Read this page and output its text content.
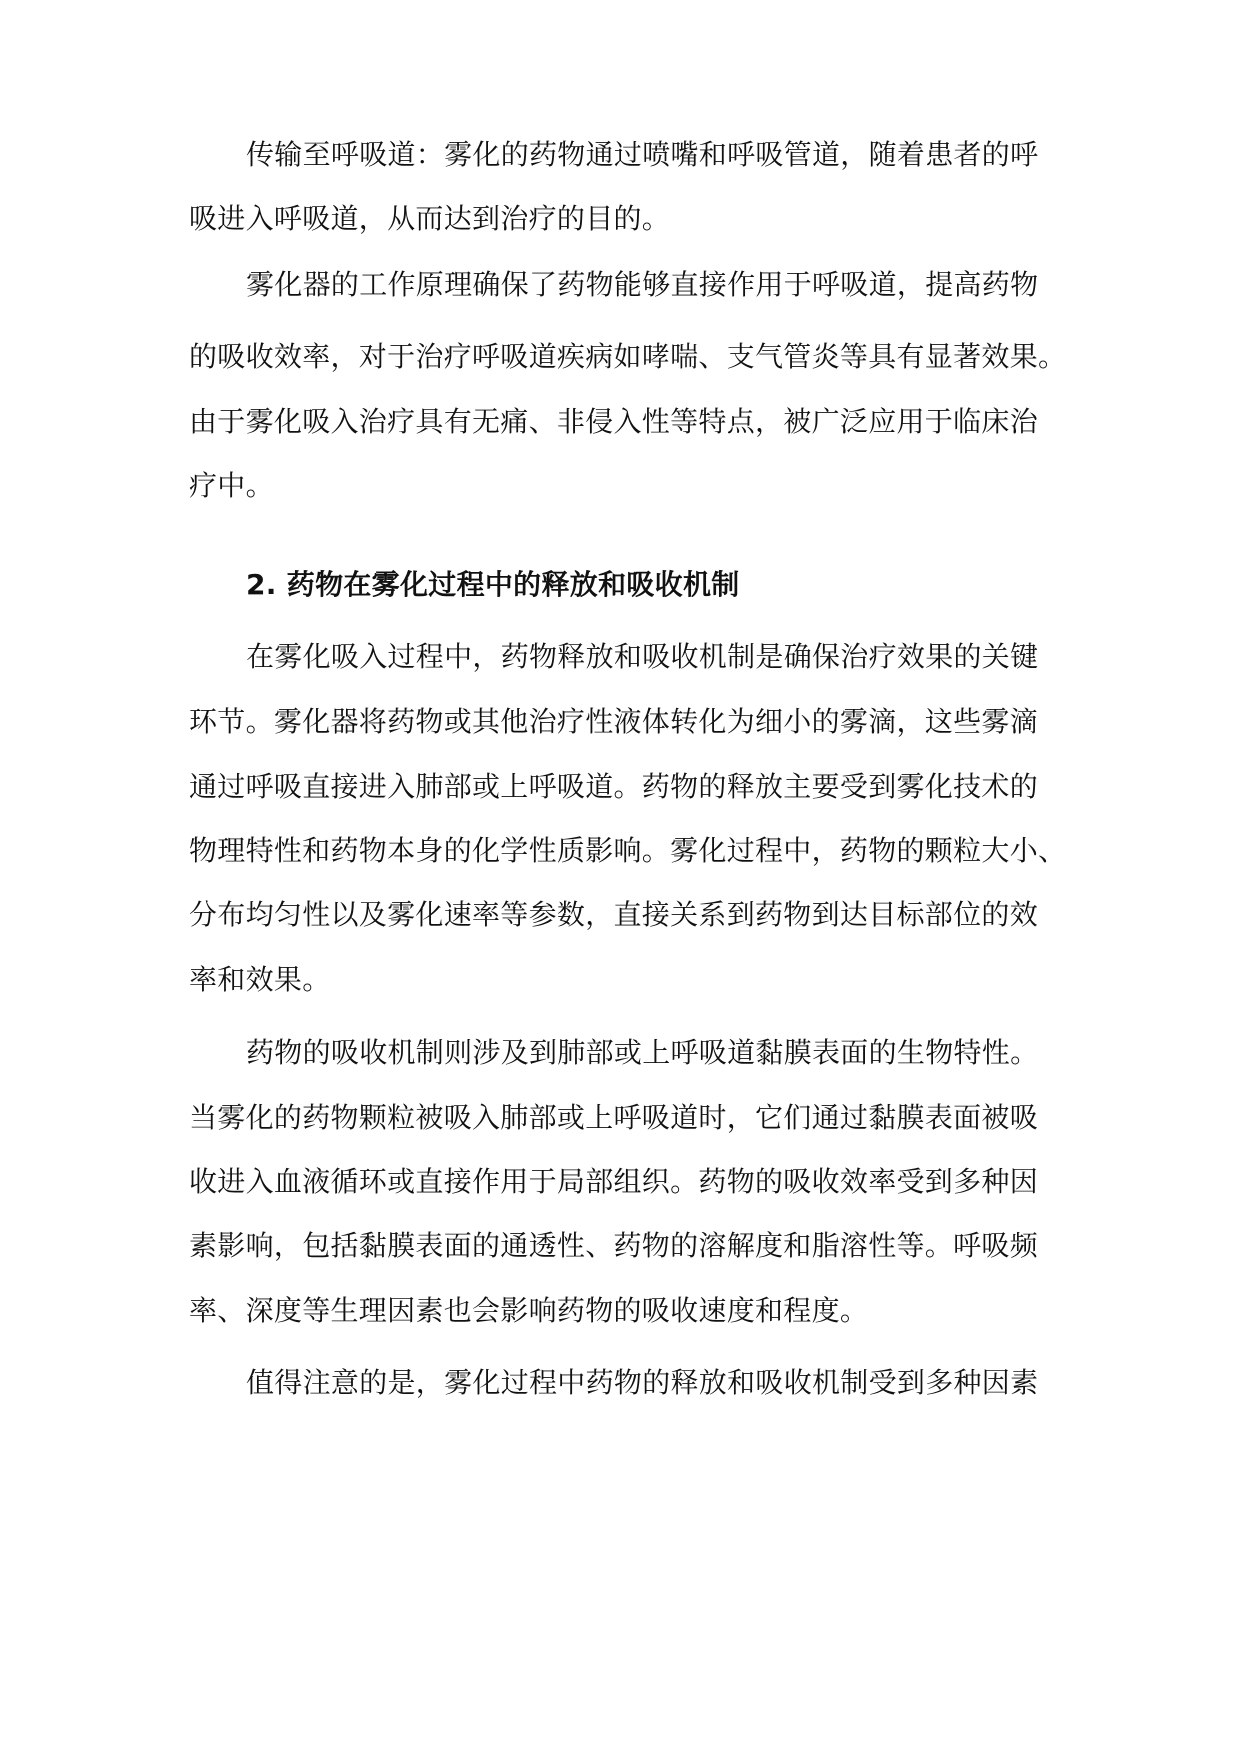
传输至呼吸道：雾化的药物通过喷嘴和呼吸管道，随着患者的呼
吸进入呼吸道，从而达到治疗的目的。
雾化器的工作原理确保了药物能够直接作用于呼吸道，提高药物
的吸收效率，对于治疗呼吸道疾病如哮喘、支气管炎等具有显著效果。
由于雾化吸入治疗具有无痛、非侵入性等特点，被广泛应用于临床治
疗中。
2. 药物在雾化过程中的释放和吸收机制
在雾化吸入过程中，药物释放和吸收机制是确保治疗效果的关键
环节。雾化器将药物或其他治疗性液体转化为细小的雾滴，这些雾滴
通过呼吸直接进入肺部或上呼吸道。药物的释放主要受到雾化技术的
物理特性和药物本身的化学性质影响。雾化过程中，药物的颗粒大小、
分布均匀性以及雾化速率等参数，直接关系到药物到达目标部位的效
率和效果。
药物的吸收机制则涉及到肺部或上呼吸道黏膜表面的生物特性。
当雾化的药物颗粒被吸入肺部或上呼吸道时，它们通过黏膜表面被吸
收进入血液循环或直接作用于局部组织。药物的吸收效率受到多种因
素影响，包括黏膜表面的通透性、药物的溶解度和脂溶性等。呼吸频
率、深度等生理因素也会影响药物的吸收速度和程度。
值得注意的是，雾化过程中药物的释放和吸收机制受到多种因素
